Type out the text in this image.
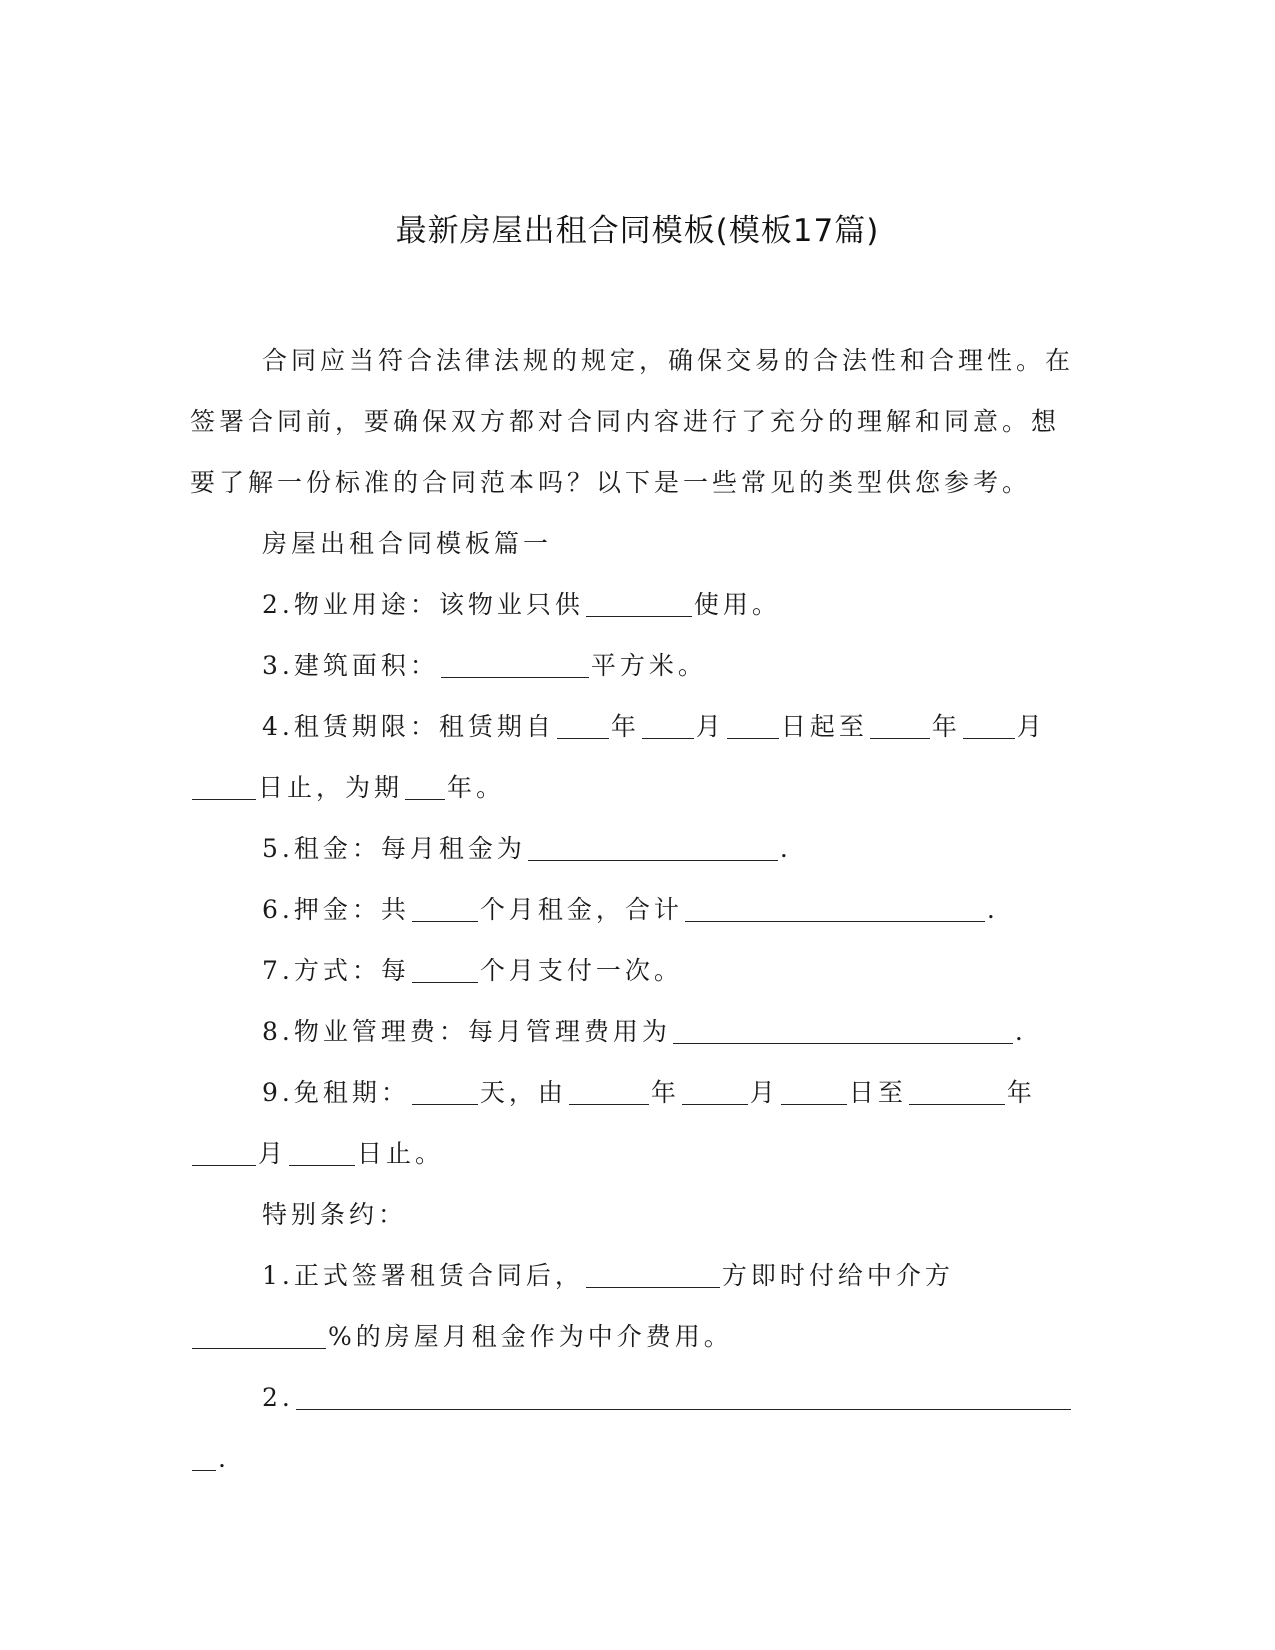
最新房屋出租合同模板(模板17篇)
合同应当符合法律法规的规定，确保交易的合法性和合理性。在
签署合同前，要确保双方都对合同内容进行了充分的理解和同意。想
要了解一份标准的合同范本吗？以下是一些常见的类型供您参考。
房屋出租合同模板篇一
2.物业用途：该物业只供	使用。
3.建筑面积：	平方米。
4.租赁期限：租赁期自 年 月 日起至	年 月
日止，为期 年。
5.租金：每月租金为	.
6.押金：共	个月租金，合计	.
7.方式：每	个月支付一次。
8.物业管理费：每月管理费用为	.
9.免租期：	天，由	年	月	日至	年
月	日止。
特别条约：
1.正式签署租赁合同后，	方即时付给中介方
%的房屋月租金作为中介费用。
2.
.
